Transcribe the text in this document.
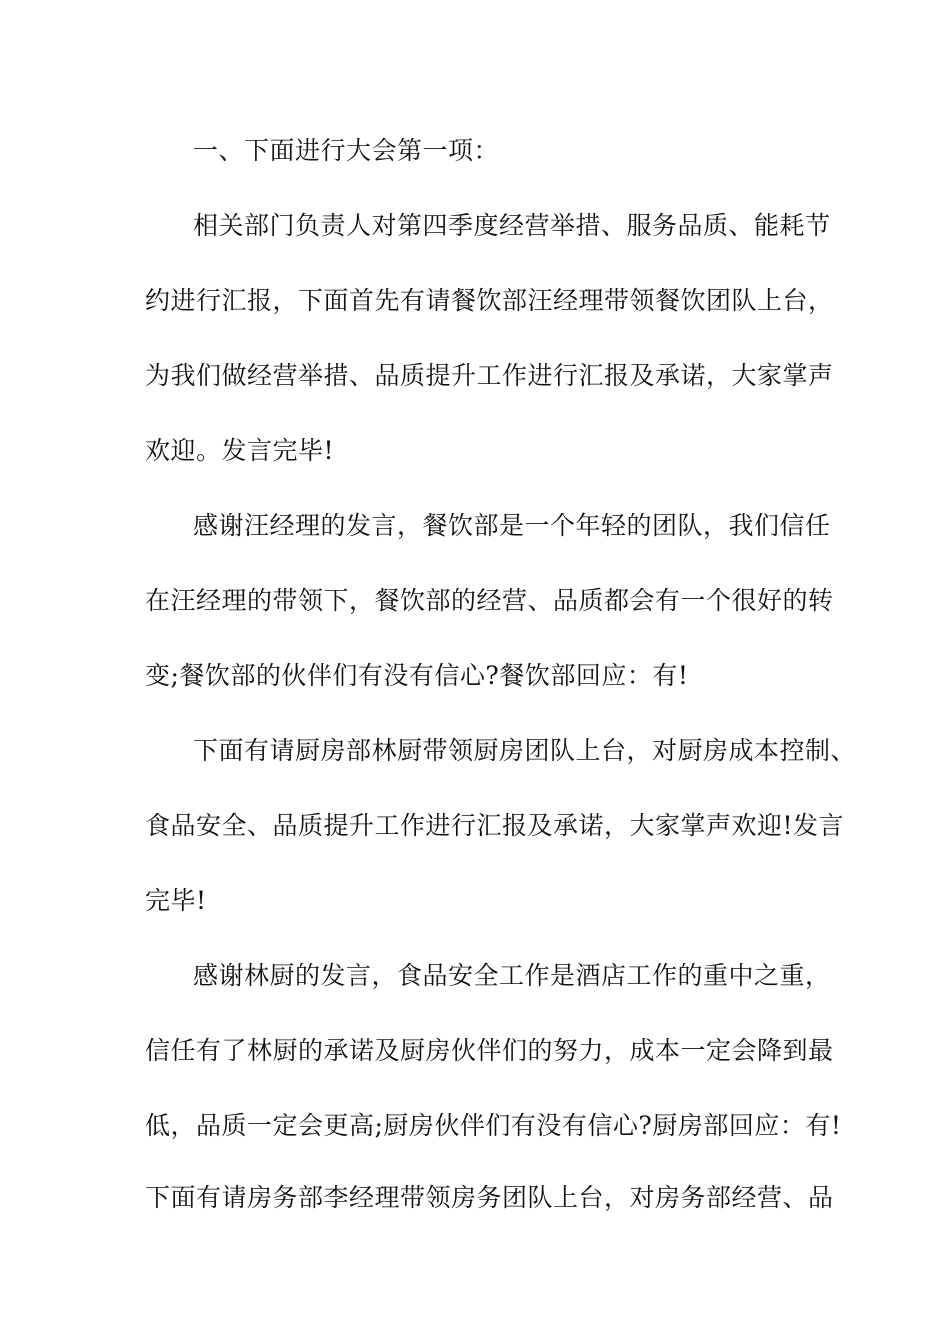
一、下面进行大会第一项：
相关部门负责人对第四季度经营举措、服务品质、能耗节
约进行汇报，下面首先有请餐饮部汪经理带领餐饮团队上台，
为我们做经营举措、品质提升工作进行汇报及承诺，大家掌声
欢迎。发言完毕!
感谢汪经理的发言，餐饮部是一个年轻的团队，我们信任
在汪经理的带领下，餐饮部的经营、品质都会有一个很好的转
变;餐饮部的伙伴们有没有信心?餐饮部回应：有!
下面有请厨房部林厨带领厨房团队上台，对厨房成本控制、
食品安全、品质提升工作进行汇报及承诺，大家掌声欢迎!发言
完毕!
感谢林厨的发言，食品安全工作是酒店工作的重中之重，
信任有了林厨的承诺及厨房伙伴们的努力，成本一定会降到最
低，品质一定会更高;厨房伙伴们有没有信心?厨房部回应：有!
下面有请房务部李经理带领房务团队上台，对房务部经营、品
